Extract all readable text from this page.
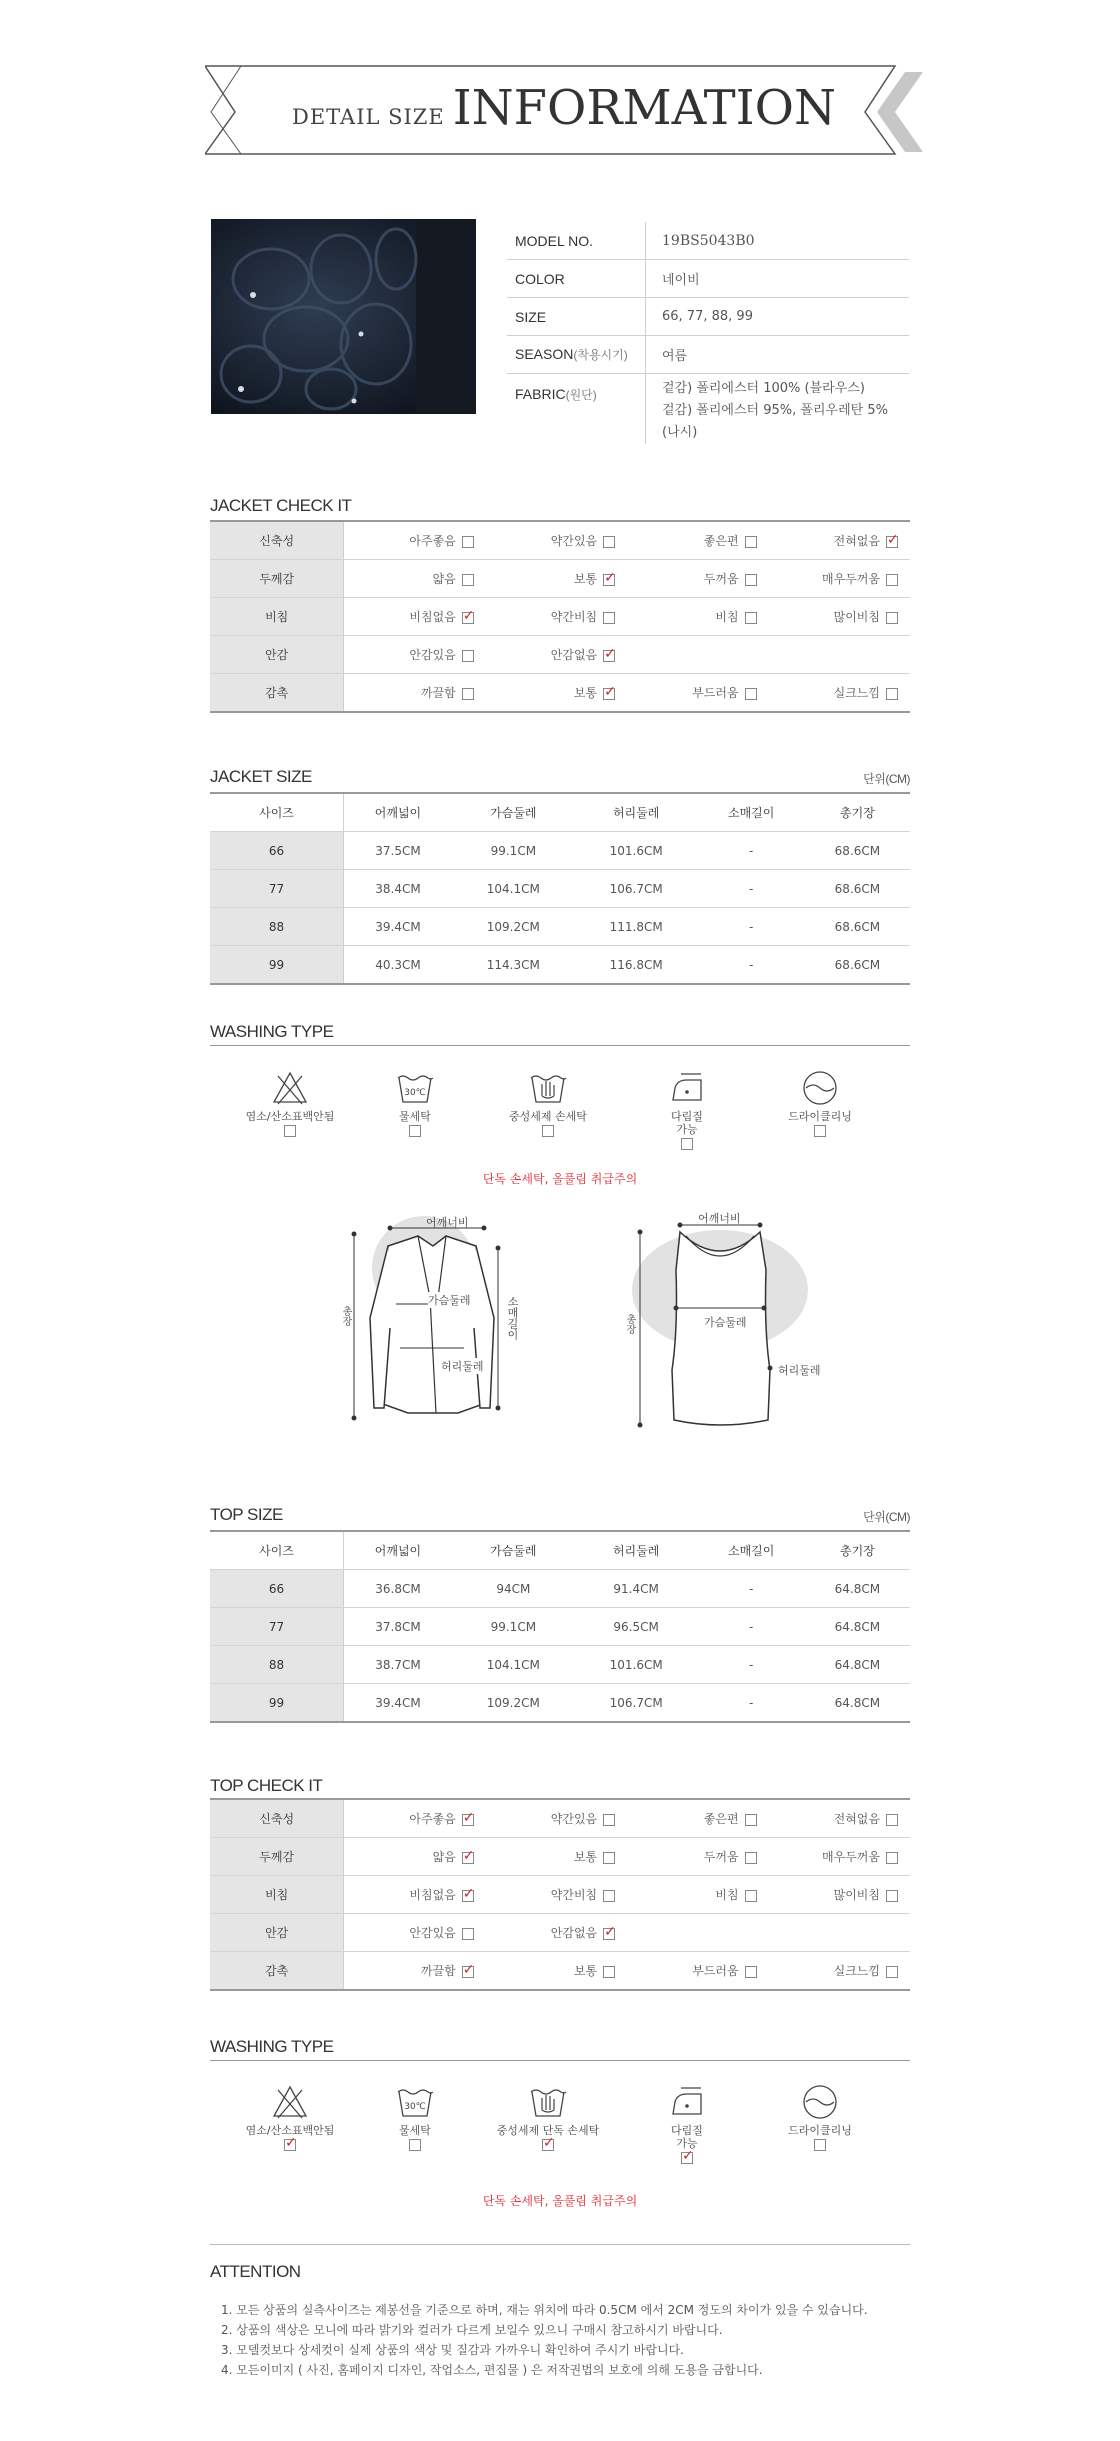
DETAIL SIZE INFORMATION
MODEL NO.	19BS5043B0
COLOR	네이비
SIZE	66, 77, 88, 99
SEASON(착용시기)	여름
FABRIC(원단)	겉감) 폴리에스터 100% (블라우스)
겉감) 폴리에스터 95%, 폴리우레탄 5% (나시)
JACKET CHECK IT
신축성	아주좋음	약간있음	좋은편	전혀없음✓
두께감	얇음	보통✓	두꺼움	매우두꺼움
비침	비침없음✓	약간비침	비침	많이비침
안감	안감있음	안감없음✓		
감촉	까끌함	보통✓	부드러움	실크느낌
JACKET SIZE	단위(CM)
사이즈	어깨넓이	가슴둘레	허리둘레	소매길이	총기장
66	37.5CM	99.1CM	101.6CM	-	68.6CM
77	38.4CM	104.1CM	106.7CM	-	68.6CM
88	39.4CM	109.2CM	111.8CM	-	68.6CM
99	40.3CM	114.3CM	116.8CM	-	68.6CM
WASHING TYPE
염소/산소표백안됨
30℃
물세탁	중성세제 손세탁	다림질
가능
드라이클리닝
단독 손세탁, 올풀림 취급주의
어깨너비
가슴둘레
허리둘레
소매길이
총장
어깨너비
가슴둘레
허리둘레
총장
TOP SIZE	단위(CM)
사이즈	어깨넓이	가슴둘레	허리둘레	소매길이	총기장
66	36.8CM	94CM	91.4CM	-	64.8CM
77	37.8CM	99.1CM	96.5CM	-	64.8CM
88	38.7CM	104.1CM	101.6CM	-	64.8CM
99	39.4CM	109.2CM	106.7CM	-	64.8CM
TOP CHECK IT
신축성	아주좋음✓	약간있음	좋은편	전혀없음
두께감	얇음✓	보통	두꺼움	매우두꺼움
비침	비침없음✓	약간비침	비침	많이비침
안감	안감있음	안감없음✓		
감촉	까끌함✓	보통	부드러움	실크느낌
WASHING TYPE
염소/산소표백안됨
✓
30℃
물세탁	중성세제 단독 손세탁
✓	다림질
가능
✓
드라이클리닝
단독 손세탁, 올풀림 취급주의
ATTENTION
1. 모든 상품의 실측사이즈는 제봉선을 기준으로 하며, 재는 위치에 따라 0.5CM 에서 2CM 정도의 차이가 있을 수 있습니다.
2. 상품의 색상은 모니에 따라 밝기와 컬러가 다르게 보일수 있으니 구매시 참고하시기 바랍니다.
3. 모델컷보다 상세컷이 실제 상품의 색상 및 질감과 가까우니 확인하여 주시기 바랍니다.
4. 모든이미지 ( 사진, 홈페이지 디자인, 작업소스, 편집물 ) 은 저작권법의 보호에 의해 도용을 금합니다.
